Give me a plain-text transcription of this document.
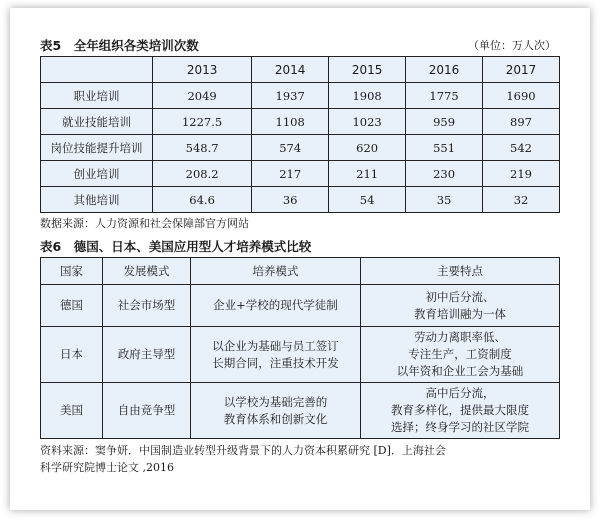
表5　全年组织各类培训次数	（单位：万人次）
	2013	2014	2015	2016	2017
职业培训	2049	1937	1908	1775	1690
就业技能培训	1227.5	1108	1023	959	897
岗位技能提升培训	548.7	574	620	551	542
创业培训	208.2	217	211	230	219
其他培训	64.6	36	54	35	32
数据来源：人力资源和社会保障部官方网站
表6　德国、日本、美国应用型人才培养模式比较
国家	发展模式	培养模式	主要特点
德国	社会市场型	企业+学校的现代学徒制	初中后分流、
教育培训融为一体

日本	政府主导型	以企业为基础与员工签订
长期合同，注重技术开发	劳动力离职率低、
专注生产，工资制度
以年资和企业工会为基础

美国	自由竞争型	以学校为基础完善的
教育体系和创新文化	高中后分流，
教育多样化，提供最大限度
选择；终身学习的社区学院
资料来源：窦争妍．中国制造业转型升级背景下的人力资本积累研究 [D]．上海社会
科学研究院博士论文 ,2016
